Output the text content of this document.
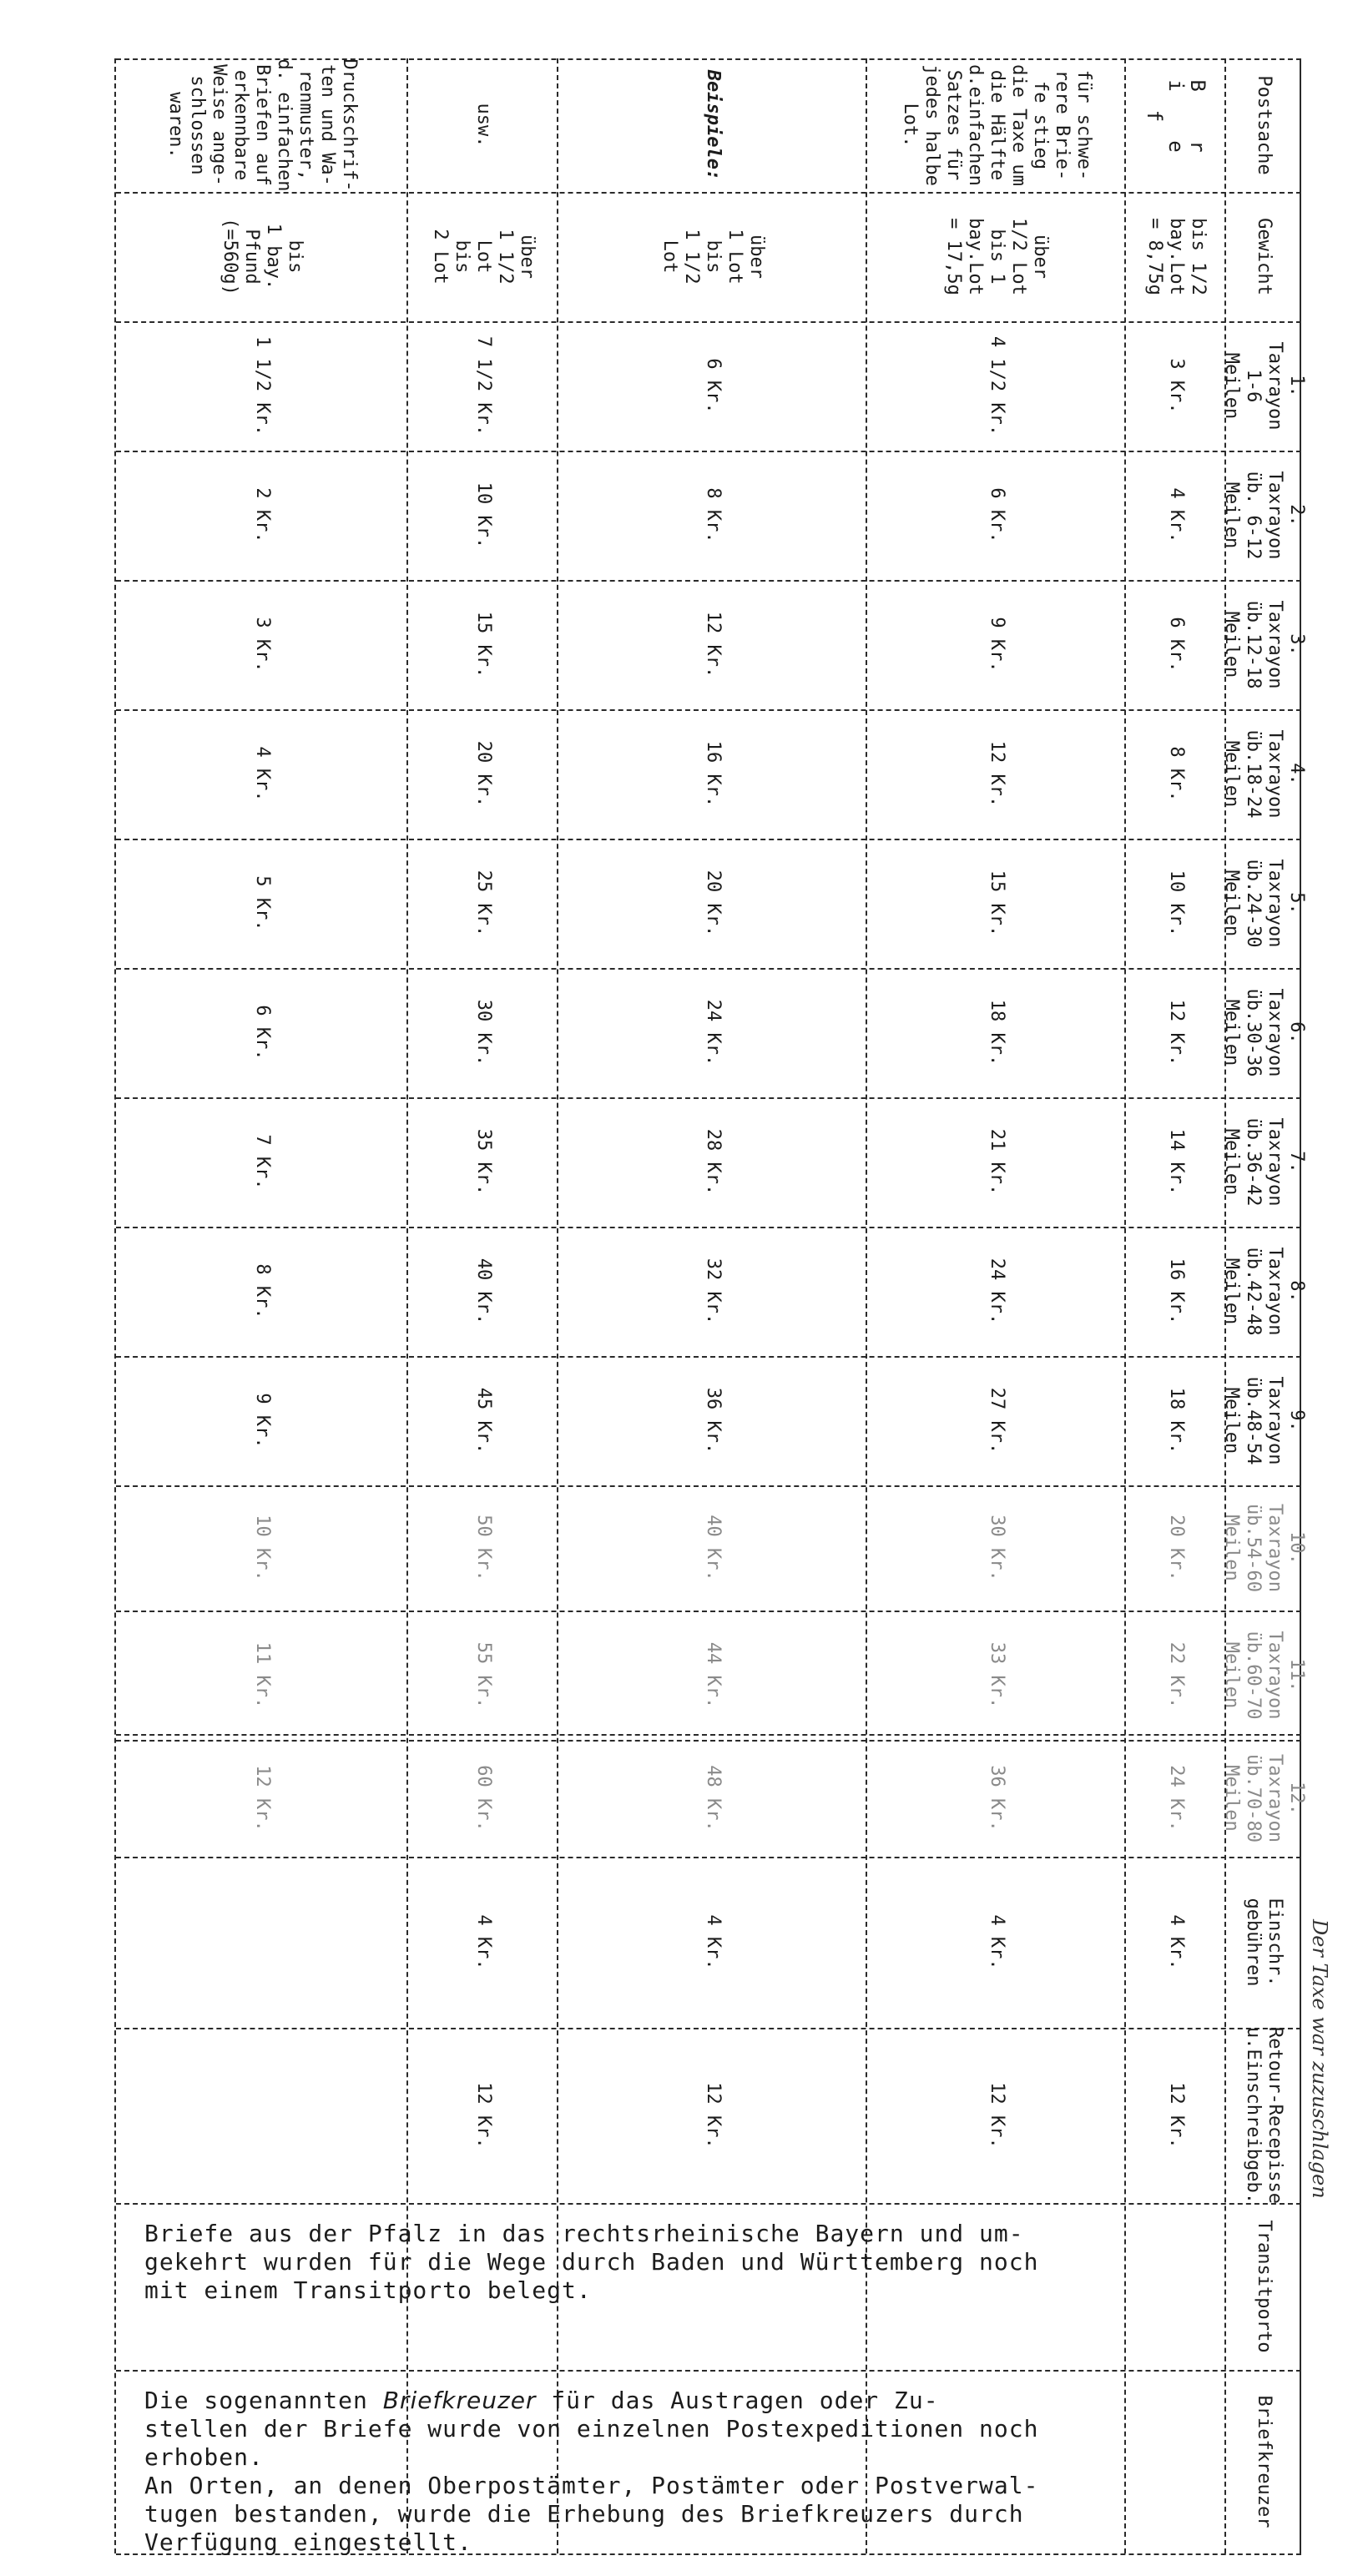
Der Taxe war zuzuschlagen
Postsache
Gewicht
1.
Taxrayon
1-6
Meilen
2.
Taxrayon
üb. 6-12
Meilen
3.
Taxrayon
üb.12-18
Meilen
4.
Taxrayon
üb.18-24
Meilen
5.
Taxrayon
üb.24-30
Meilen
6.
Taxrayon
üb.30-36
Meilen
7.
Taxrayon
üb.36-42
Meilen
8.
Taxrayon
üb.42-48
Meilen
9.
Taxrayon
üb.48-54
Meilen
10.
Taxrayon
üb.54-60
Meilen
11.
Taxrayon
üb.60-70
Meilen
12.
Taxrayon
üb.70-80
Meilen
Einschr.
gebühren
Retour-Recepisse
u.Einschreibgeb.
Transitporto
Briefkreuzer
B r i e f
bis 1/2
bay.Lot
= 8,75g
3 Kr.
4 Kr.
6 Kr.
8 Kr.
10 Kr.
12 Kr.
14 Kr.
16 Kr.
18 Kr.
20 Kr.
22 Kr.
24 Kr.
4 Kr.
12 Kr.
für schwe-
rere Brie-
fe stieg
die Taxe um
die Hälfte
d.einfachen
Satzes für
jedes halbe
Lot.
über
1/2 Lot
bis 1
bay.Lot
= 17,5g
4 1/2 Kr.
6 Kr.
9 Kr.
12 Kr.
15 Kr.
18 Kr.
21 Kr.
24 Kr.
27 Kr.
30 Kr.
33 Kr.
36 Kr.
4 Kr.
12 Kr.
Beispiele:
über
1 Lot
bis
1 1/2
Lot
6 Kr.
8 Kr.
12 Kr.
16 Kr.
20 Kr.
24 Kr.
28 Kr.
32 Kr.
36 Kr.
40 Kr.
44 Kr.
48 Kr.
4 Kr.
12 Kr.
usw.
über
1 1/2
Lot
bis
2 Lot
7 1/2 Kr.
10 Kr.
15 Kr.
20 Kr.
25 Kr.
30 Kr.
35 Kr.
40 Kr.
45 Kr.
50 Kr.
55 Kr.
60 Kr.
4 Kr.
12 Kr.
Druckschrif-
ten und Wa-
renmuster,
d. einfachen
Briefen auf
erkennbare
Weise ange-
schlossen
waren.
bis
1 bay.
Pfund
(=560g)
1 1/2 Kr.
2 Kr.
3 Kr.
4 Kr.
5 Kr.
6 Kr.
7 Kr.
8 Kr.
9 Kr.
10 Kr.
11 Kr.
12 Kr.
Briefe aus der Pfalz in das rechtsrheinische Bayern und um-
gekehrt wurden für die Wege durch Baden und Württemberg noch
mit einem Transitporto belegt.
Die sogenannten Briefkreuzer für das Austragen oder Zu-
stellen der Briefe wurde von einzelnen Postexpeditionen noch
erhoben.
An Orten, an denen Oberpostämter, Postämter oder Postverwal-
tugen bestanden, wurde die Erhebung des Briefkreuzers durch
Verfügung eingestellt.
